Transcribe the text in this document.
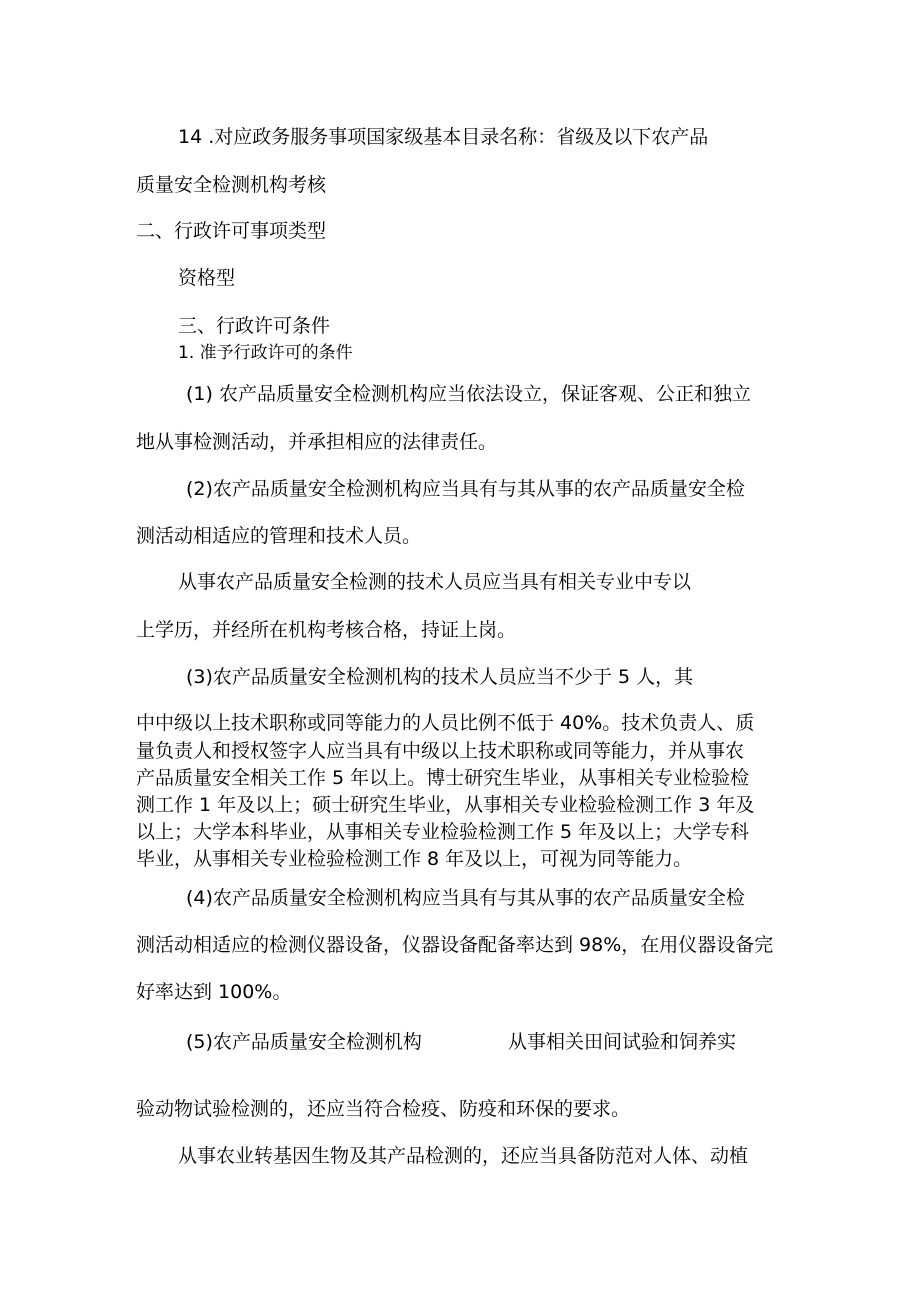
14 .对应政务服务事项国家级基本目录名称：省级及以下农产品

质量安全检测机构考核

二、行政许可事项类型

资格型

三、行政许可条件

1. 准予行政许可的条件

(1) 农产品质量安全检测机构应当依法设立，保证客观、公正和独立

地从事检测活动，并承担相应的法律责任。

(2)农产品质量安全检测机构应当具有与其从事的农产品质量安全检

测活动相适应的管理和技术人员。

从事农产品质量安全检测的技术人员应当具有相关专业中专以

上学历，并经所在机构考核合格，持证上岗。

(3)农产品质量安全检测机构的技术人员应当不少于 5 人，其

中中级以上技术职称或同等能力的人员比例不低于 40%。技术负责人、质

量负责人和授权签字人应当具有中级以上技术职称或同等能力，并从事农

产品质量安全相关工作 5 年以上。博士研究生毕业，从事相关专业检验检

测工作 1 年及以上；硕士研究生毕业，从事相关专业检验检测工作 3 年及

以上；大学本科毕业，从事相关专业检验检测工作 5 年及以上；大学专科

毕业，从事相关专业检验检测工作 8 年及以上，可视为同等能力。

(4)农产品质量安全检测机构应当具有与其从事的农产品质量安全检

测活动相适应的检测仪器设备，仪器设备配备率达到 98%，在用仪器设备完

好率达到 100%。

(5)农产品质量安全检测机构	从事相关田间试验和饲养实

验动物试验检测的，还应当符合检疫、防疫和环保的要求。

从事农业转基因生物及其产品检测的，还应当具备防范对人体、动植
